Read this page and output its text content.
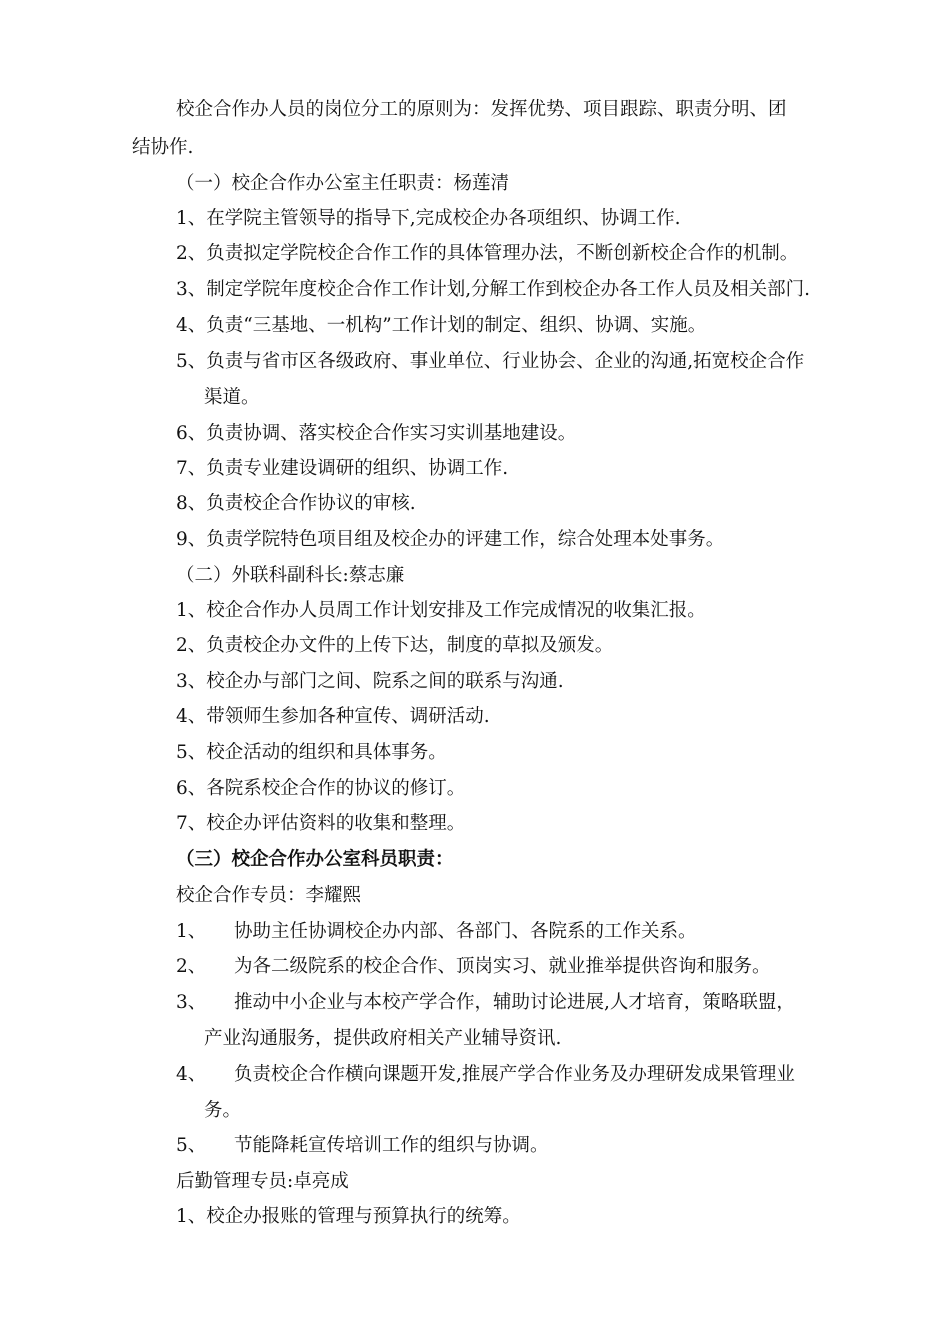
校企合作办人员的岗位分工的原则为：发挥优势、项目跟踪、职责分明、团
结协作.
（一）校企合作办公室主任职责：杨莲清
1、在学院主管领导的指导下,完成校企办各项组织、协调工作.
2、负责拟定学院校企合作工作的具体管理办法，不断创新校企合作的机制。
3、制定学院年度校企合作工作计划,分解工作到校企办各工作人员及相关部门.
4、负责“三基地、一机构”工作计划的制定、组织、协调、实施。
5、负责与省市区各级政府、事业单位、行业协会、企业的沟通,拓宽校企合作
渠道。
6、负责协调、落实校企合作实习实训基地建设。
7、负责专业建设调研的组织、协调工作.
8、负责校企合作协议的审核.
9、负责学院特色项目组及校企办的评建工作，综合处理本处事务。
（二）外联科副科长:蔡志廉
1、校企合作办人员周工作计划安排及工作完成情况的收集汇报。
2、负责校企办文件的上传下达，制度的草拟及颁发。
3、校企办与部门之间、院系之间的联系与沟通.
4、带领师生参加各种宣传、调研活动.
5、校企活动的组织和具体事务。
6、各院系校企合作的协议的修订。
7、校企办评估资料的收集和整理。
（三）校企合作办公室科员职责：
校企合作专员：李耀熙
1、 协助主任协调校企办内部、各部门、各院系的工作关系。
2、 为各二级院系的校企合作、顶岗实习、就业推举提供咨询和服务。
3、 推动中小企业与本校产学合作，辅助讨论进展,人才培育，策略联盟，
产业沟通服务，提供政府相关产业辅导资讯.
4、 负责校企合作横向课题开发,推展产学合作业务及办理研发成果管理业
务。
5、 节能降耗宣传培训工作的组织与协调。
后勤管理专员:卓亮成
1、校企办报账的管理与预算执行的统筹。
